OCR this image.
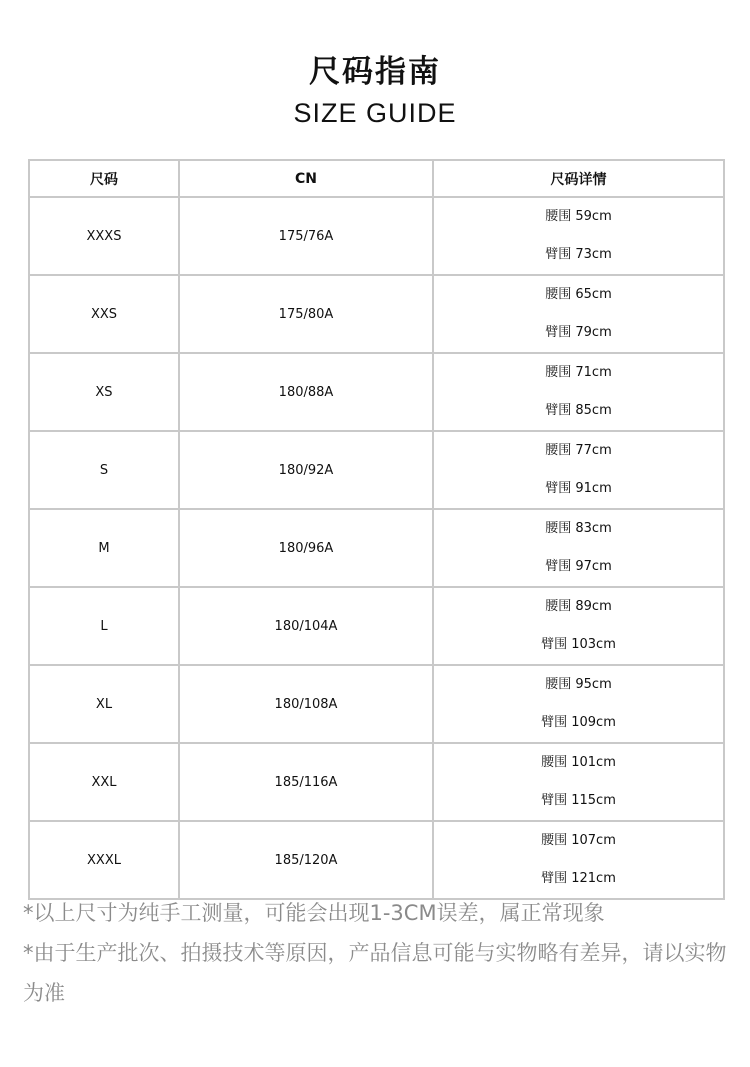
尺码指南
SIZE GUIDE
尺码	CN	尺码详情
XXXS	175/76A	腰围 59cm
臂围 73cm

XXS	175/80A	腰围 65cm
臂围 79cm

XS	180/88A	腰围 71cm
臂围 85cm

S	180/92A	腰围 77cm
臂围 91cm

M	180/96A	腰围 83cm
臂围 97cm

L	180/104A	腰围 89cm
臂围 103cm

XL	180/108A	腰围 95cm
臂围 109cm

XXL	185/116A	腰围 101cm
臂围 115cm

XXXL	185/120A	腰围 107cm
臂围 121cm

*以上尺寸为纯手工测量，可能会出现1-3CM误差，属正常现象

*由于生产批次、拍摄技术等原因，产品信息可能与实物略有差异，请以实物为准
